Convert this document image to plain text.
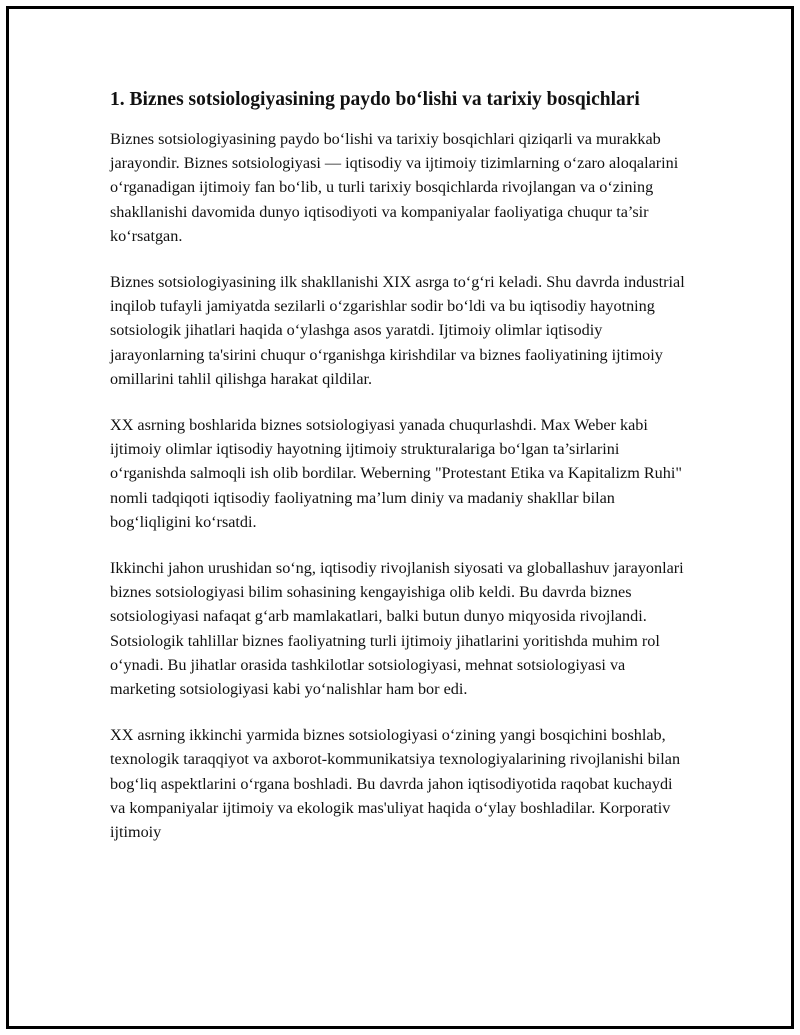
1. Biznes sotsiologiyasining paydo bo‘lishi va tarixiy bosqichlari

Biznes sotsiologiyasining paydo bo‘lishi va tarixiy bosqichlari qiziqarli va murakkab jarayondir. Biznes sotsiologiyasi — iqtisodiy va ijtimoiy tizimlarning o‘zaro aloqalarini o‘rganadigan ijtimoiy fan bo‘lib, u turli tarixiy bosqichlarda rivojlangan va o‘zining shakllanishi davomida dunyo iqtisodiyoti va kompaniyalar faoliyatiga chuqur ta’sir ko‘rsatgan.

Biznes sotsiologiyasining ilk shakllanishi XIX asrga to‘g‘ri keladi. Shu davrda industrial inqilob tufayli jamiyatda sezilarli o‘zgarishlar sodir bo‘ldi va bu iqtisodiy hayotning sotsiologik jihatlari haqida o‘ylashga asos yaratdi. Ijtimoiy olimlar iqtisodiy jarayonlarning ta'sirini chuqur o‘rganishga kirishdilar va biznes faoliyatining ijtimoiy omillarini tahlil qilishga harakat qildilar.

XX asrning boshlarida biznes sotsiologiyasi yanada chuqurlashdi. Max Weber kabi ijtimoiy olimlar iqtisodiy hayotning ijtimoiy strukturalariga bo‘lgan ta’sirlarini o‘rganishda salmoqli ish olib bordilar. Weberning "Protestant Etika va Kapitalizm Ruhi" nomli tadqiqoti iqtisodiy faoliyatning ma’lum diniy va madaniy shakllar bilan bog‘liqligini ko‘rsatdi.

Ikkinchi jahon urushidan so‘ng, iqtisodiy rivojlanish siyosati va globallashuv jarayonlari biznes sotsiologiyasi bilim sohasining kengayishiga olib keldi. Bu davrda biznes sotsiologiyasi nafaqat g‘arb mamlakatlari, balki butun dunyo miqyosida rivojlandi. Sotsiologik tahlillar biznes faoliyatning turli ijtimoiy jihatlarini yoritishda muhim rol o‘ynadi. Bu jihatlar orasida tashkilotlar sotsiologiyasi, mehnat sotsiologiyasi va marketing sotsiologiyasi kabi yo‘nalishlar ham bor edi.

XX asrning ikkinchi yarmida biznes sotsiologiyasi o‘zining yangi bosqichini boshlab, texnologik taraqqiyot va axborot-kommunikatsiya texnologiyalarining rivojlanishi bilan bog‘liq aspektlarini o‘rgana boshladi. Bu davrda jahon iqtisodiyotida raqobat kuchaydi va kompaniyalar ijtimoiy va ekologik mas'uliyat haqida o‘ylay boshladilar. Korporativ ijtimoiy
